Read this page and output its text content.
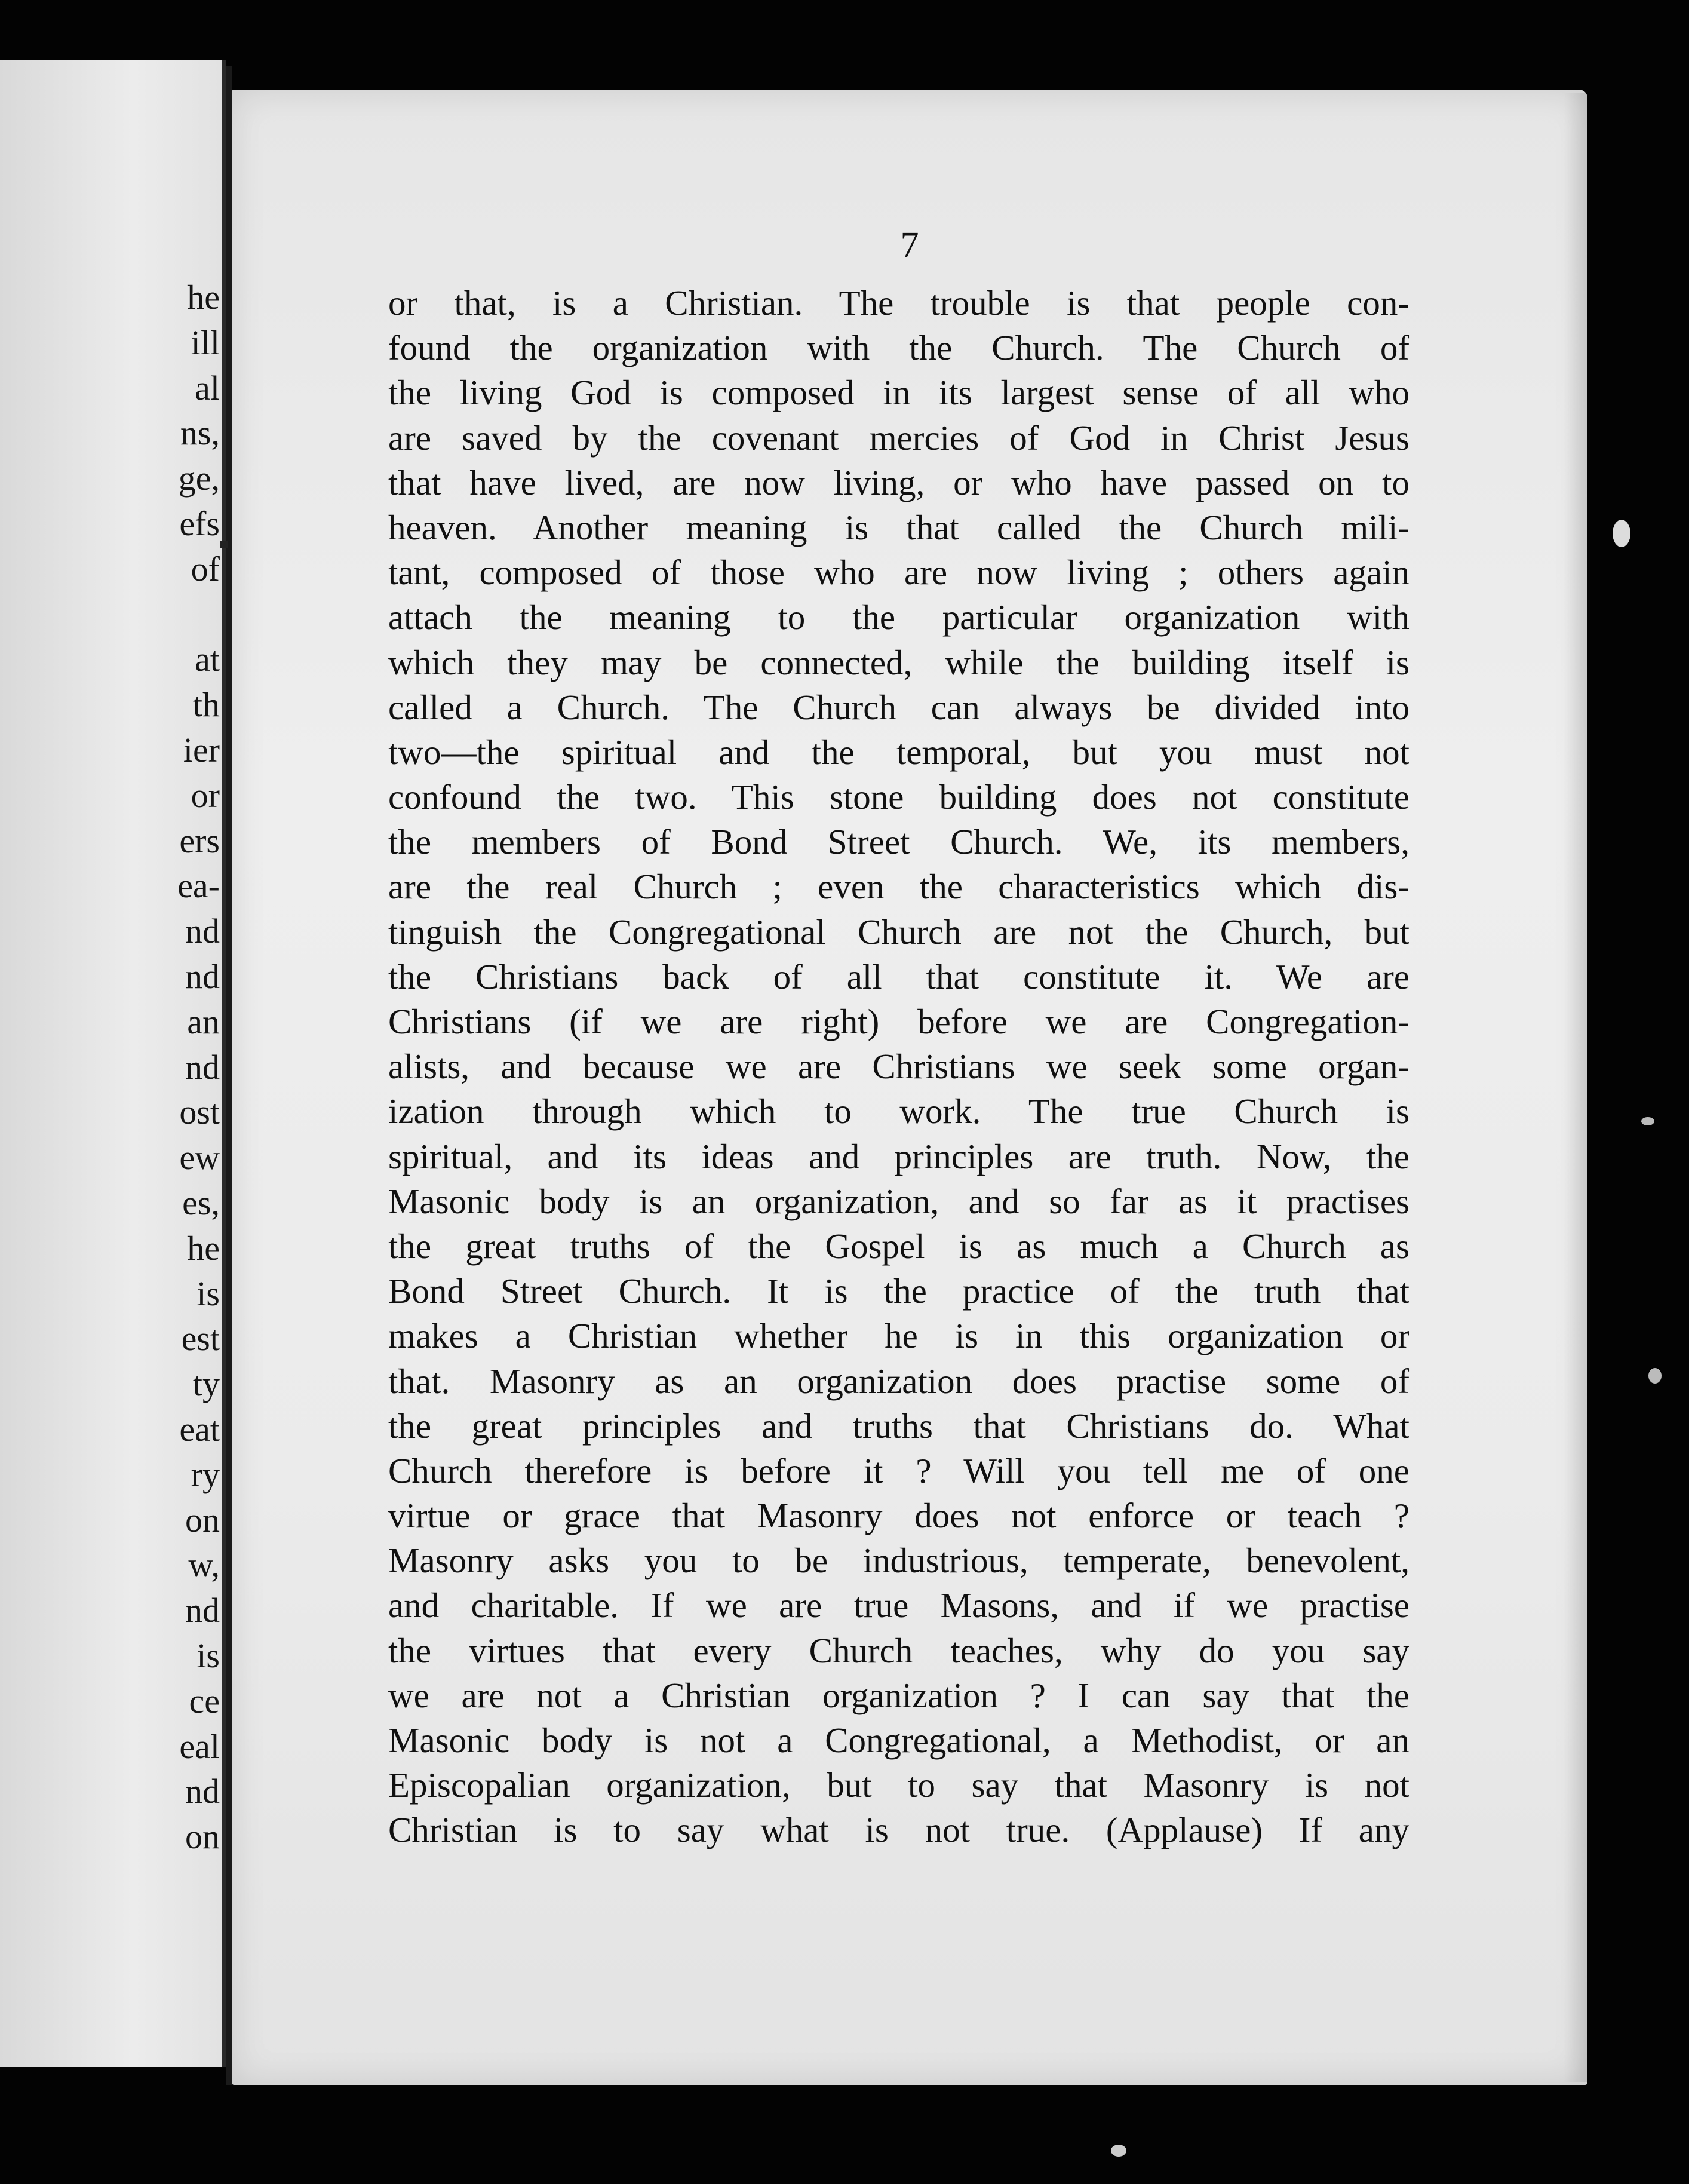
he
ill
al
ns,
ge,
efs
of
at
th
ier
or
ers
ea-
nd
nd
an
nd
ost
ew
es,
he
is
est
ty
eat
ry
on
w,
nd
is
ce
eal
nd
on
7
or that, is a Christian. The trouble is that people con-
found the organization with the Church. The Church of
the living God is composed in its largest sense of all who
are saved by the covenant mercies of God in Christ Jesus
that have lived, are now living, or who have passed on to
heaven. Another meaning is that called the Church mili-
tant, composed of those who are now living ; others again
attach the meaning to the particular organization with
which they may be connected, while the building itself is
called a Church. The Church can always be divided into
two—the spiritual and the temporal, but you must not
confound the two. This stone building does not constitute
the members of Bond Street Church. We, its members,
are the real Church ; even the characteristics which dis-
tinguish the Congregational Church are not the Church, but
the Christians back of all that constitute it. We are
Christians (if we are right) before we are Congregation-
alists, and because we are Christians we seek some organ-
ization through which to work. The true Church is
spiritual, and its ideas and principles are truth. Now, the
Masonic body is an organization, and so far as it practises
the great truths of the Gospel is as much a Church as
Bond Street Church. It is the practice of the truth that
makes a Christian whether he is in this organization or
that. Masonry as an organization does practise some of
the great principles and truths that Christians do. What
Church therefore is before it ? Will you tell me of one
virtue or grace that Masonry does not enforce or teach ?
Masonry asks you to be industrious, temperate, benevolent,
and charitable. If we are true Masons, and if we practise
the virtues that every Church teaches, why do you say
we are not a Christian organization ? I can say that the
Masonic body is not a Congregational, a Methodist, or an
Episcopalian organization, but to say that Masonry is not
Christian is to say what is not true. (Applause) If any
